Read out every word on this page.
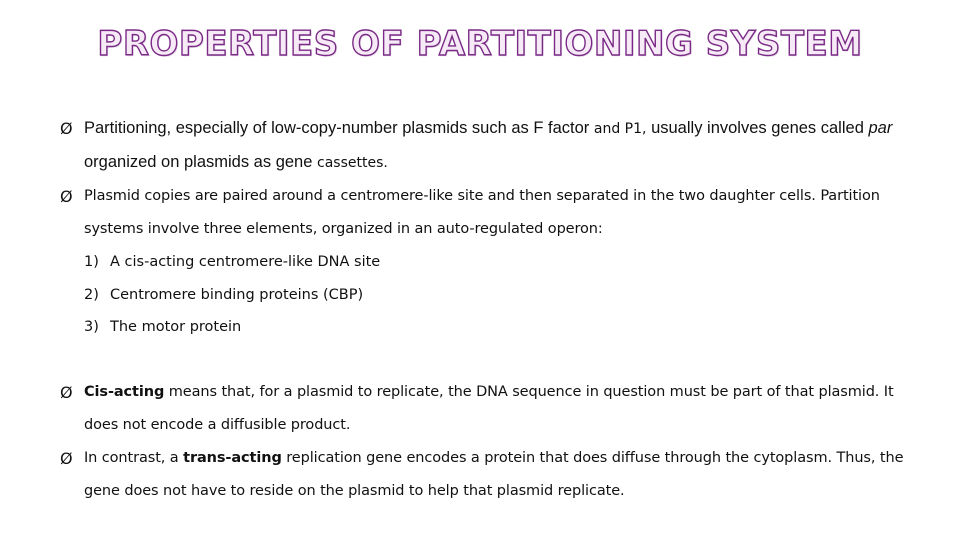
PROPERTIES OF PARTITIONING SYSTEM
Ø Partitioning, especially of low-copy-number plasmids such as F factor and P1, usually involves genes called par organized on plasmids as gene cassettes.
Ø Plasmid copies are paired around a centromere-like site and then separated in the two daughter cells. Partition systems involve three elements, organized in an auto-regulated operon:
1) A cis-acting centromere-like DNA site
2) Centromere binding proteins (CBP)
3) The motor protein
Ø Cis-acting means that, for a plasmid to replicate, the DNA sequence in question must be part of that plasmid. It does not encode a diffusible product.
Ø In contrast, a trans-acting replication gene encodes a protein that does diffuse through the cytoplasm. Thus, the gene does not have to reside on the plasmid to help that plasmid replicate.
